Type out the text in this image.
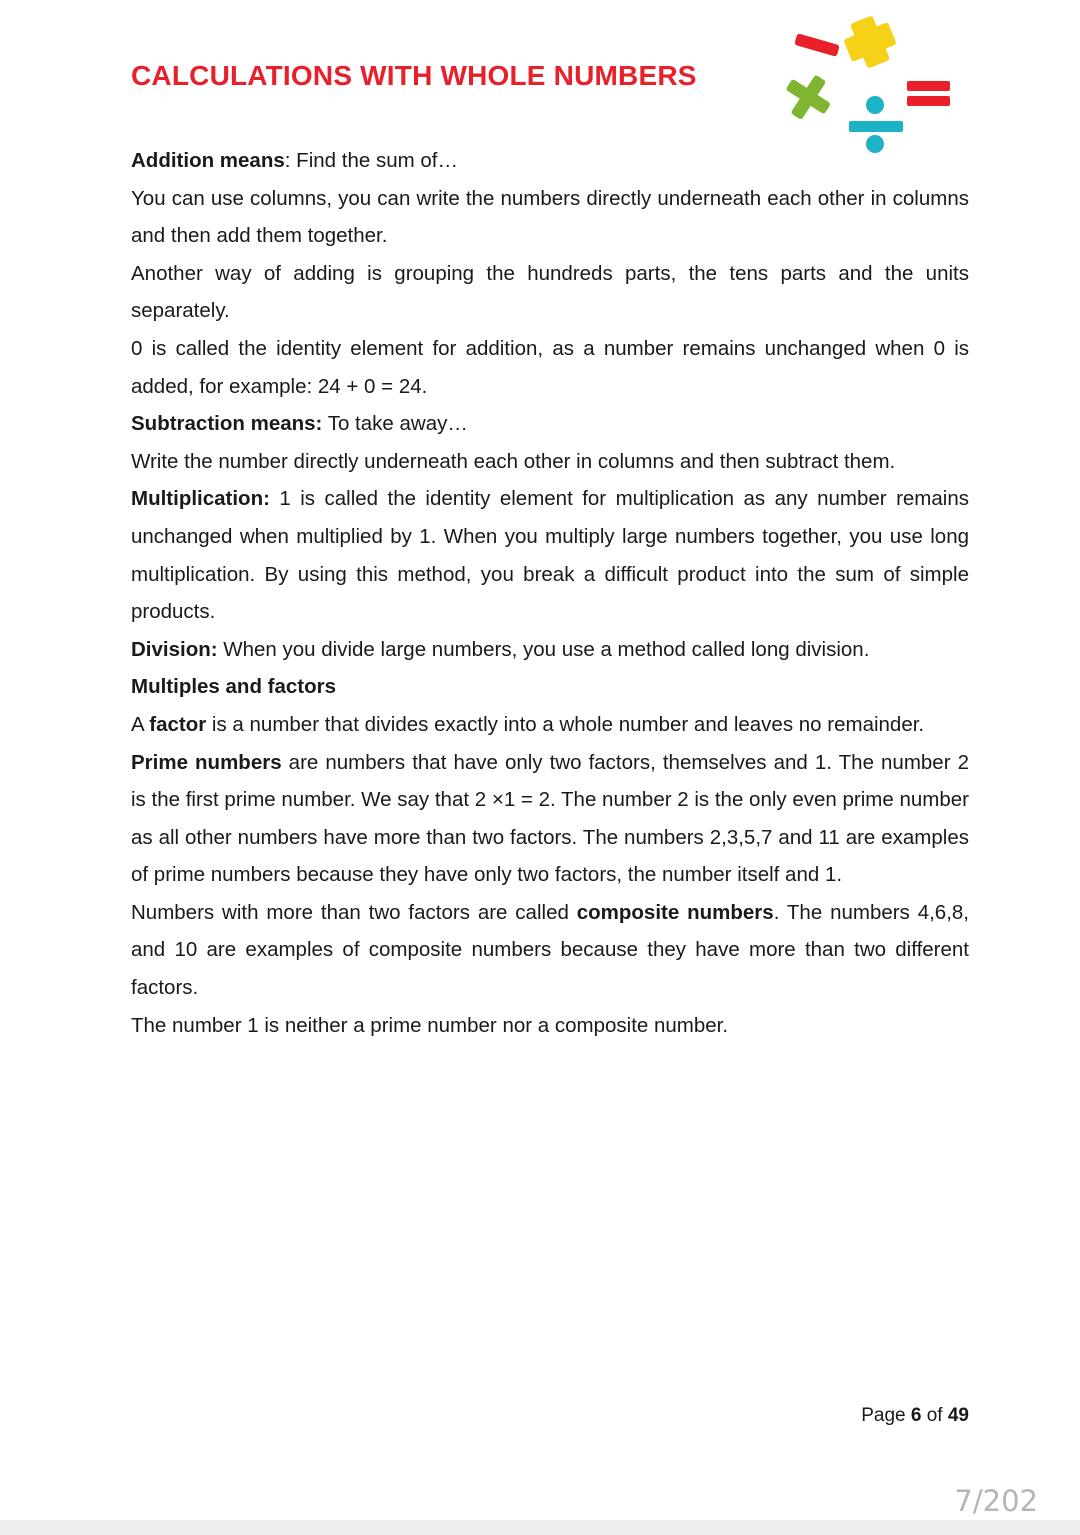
CALCULATIONS WITH WHOLE NUMBERS

Addition means: Find the sum of…

You can use columns, you can write the numbers directly underneath each other in columns and then add them together.

Another way of adding is grouping the hundreds parts, the tens parts and the units separately.

0 is called the identity element for addition, as a number remains unchanged when 0 is added, for example: 24 + 0 = 24.

Subtraction means: To take away…

Write the number directly underneath each other in columns and then subtract them.

Multiplication: 1 is called the identity element for multiplication as any number remains unchanged when multiplied by 1. When you multiply large numbers together, you use long multiplication. By using this method, you break a difficult product into the sum of simple products.

Division: When you divide large numbers, you use a method called long division.

Multiples and factors

A factor is a number that divides exactly into a whole number and leaves no remainder.

Prime numbers are numbers that have only two factors, themselves and 1. The number 2 is the first prime number. We say that 2 ×1 = 2. The number 2 is the only even prime number as all other numbers have more than two factors. The numbers 2,3,5,7 and 11 are examples of prime numbers because they have only two factors, the number itself and 1.

Numbers with more than two factors are called composite numbers. The numbers 4,6,8, and 10 are examples of composite numbers because they have more than two different factors.

The number 1 is neither a prime number nor a composite number.

Page 6 of 49
7/202
